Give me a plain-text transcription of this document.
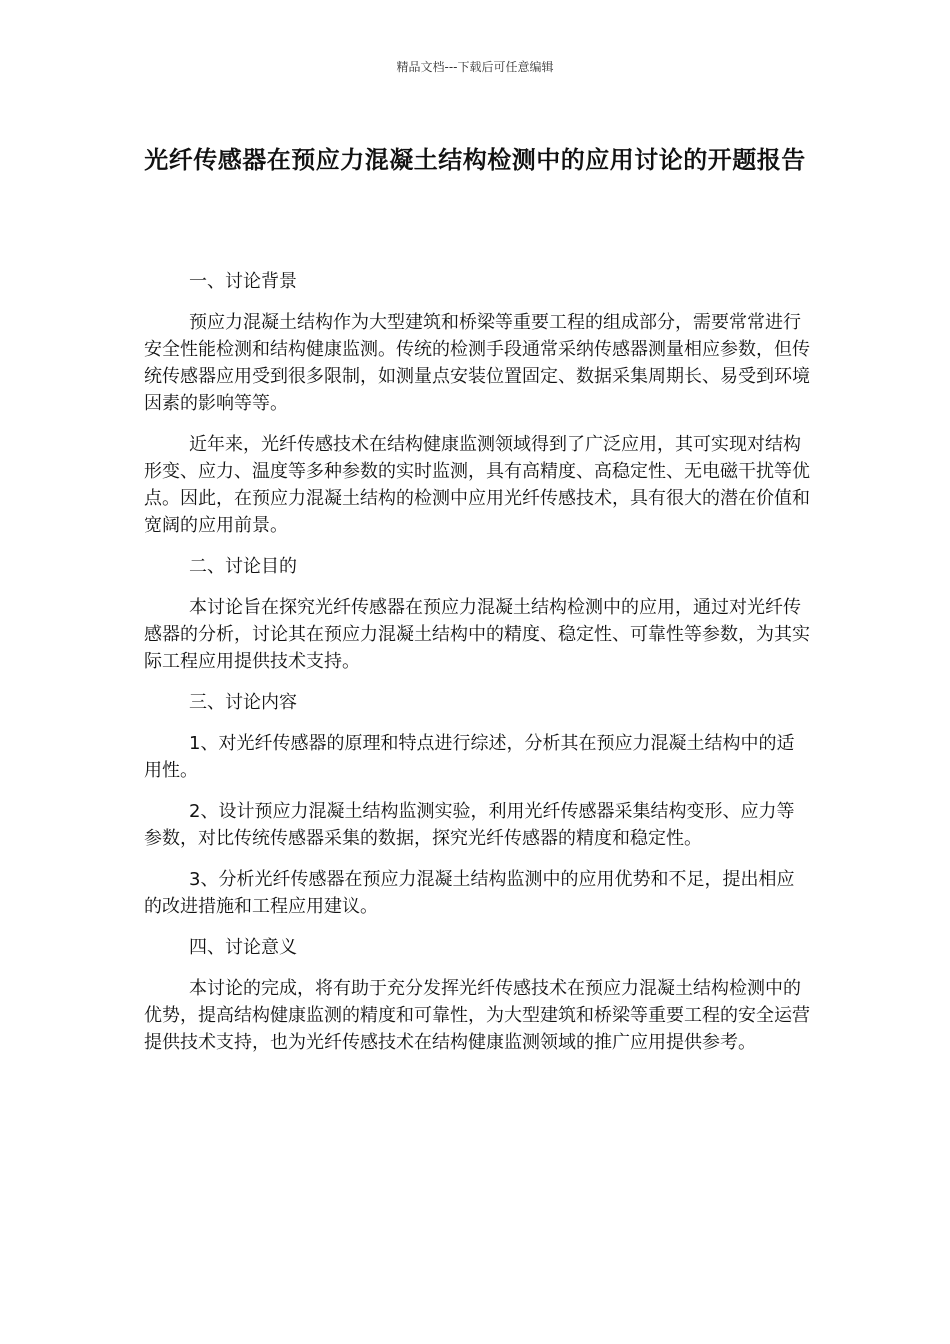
精品文档---下载后可任意编辑
光纤传感器在预应力混凝土结构检测中的应用讨论的开题报告

一、讨论背景

预应力混凝土结构作为大型建筑和桥梁等重要工程的组成部分，需要常常进行安全性能检测和结构健康监测。传统的检测手段通常采纳传感器测量相应参数，但传统传感器应用受到很多限制，如测量点安装位置固定、数据采集周期长、易受到环境因素的影响等等。

近年来，光纤传感技术在结构健康监测领域得到了广泛应用，其可实现对结构形变、应力、温度等多种参数的实时监测，具有高精度、高稳定性、无电磁干扰等优点。因此，在预应力混凝土结构的检测中应用光纤传感技术，具有很大的潜在价值和宽阔的应用前景。

二、讨论目的

本讨论旨在探究光纤传感器在预应力混凝土结构检测中的应用，通过对光纤传感器的分析，讨论其在预应力混凝土结构中的精度、稳定性、可靠性等参数，为其实际工程应用提供技术支持。

三、讨论内容

1、对光纤传感器的原理和特点进行综述，分析其在预应力混凝土结构中的适用性。

2、设计预应力混凝土结构监测实验，利用光纤传感器采集结构变形、应力等参数，对比传统传感器采集的数据，探究光纤传感器的精度和稳定性。

3、分析光纤传感器在预应力混凝土结构监测中的应用优势和不足，提出相应的改进措施和工程应用建议。

四、讨论意义

本讨论的完成，将有助于充分发挥光纤传感技术在预应力混凝土结构检测中的优势，提高结构健康监测的精度和可靠性，为大型建筑和桥梁等重要工程的安全运营提供技术支持，也为光纤传感技术在结构健康监测领域的推广应用提供参考。
